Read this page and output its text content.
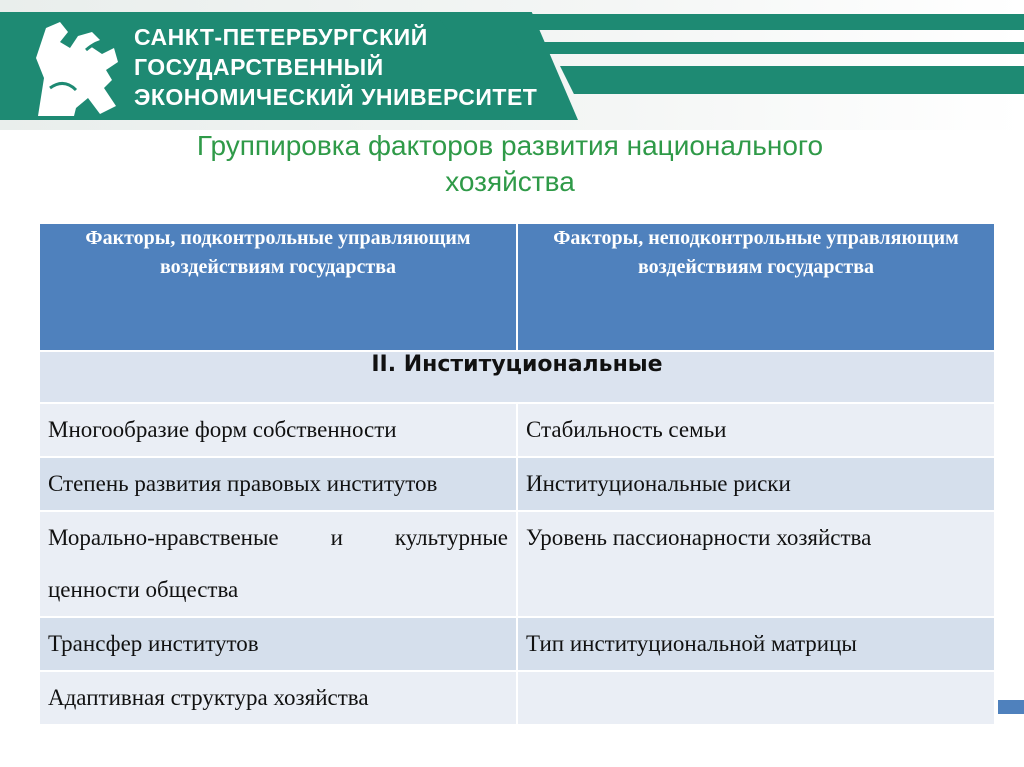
САНКТ-ПЕТЕРБУРГСКИЙ
ГОСУДАРСТВЕННЫЙ
ЭКОНОМИЧЕСКИЙ УНИВЕРСИТЕТ
Группировка факторов развития национального
хозяйства
Факторы, подконтрольные управляющим воздействиям государства	Факторы, неподконтрольные управляющим воздействиям государства
II. Институциональные	
Многообразие форм собственности	Стабильность семьи
Степень развития правовых институтов	Институциональные риски
Морально-нравственые и культурные ценности общества	Уровень пассионарности хозяйства
Трансфер институтов	Тип институциональной матрицы
Адаптивная структура хозяйства	
